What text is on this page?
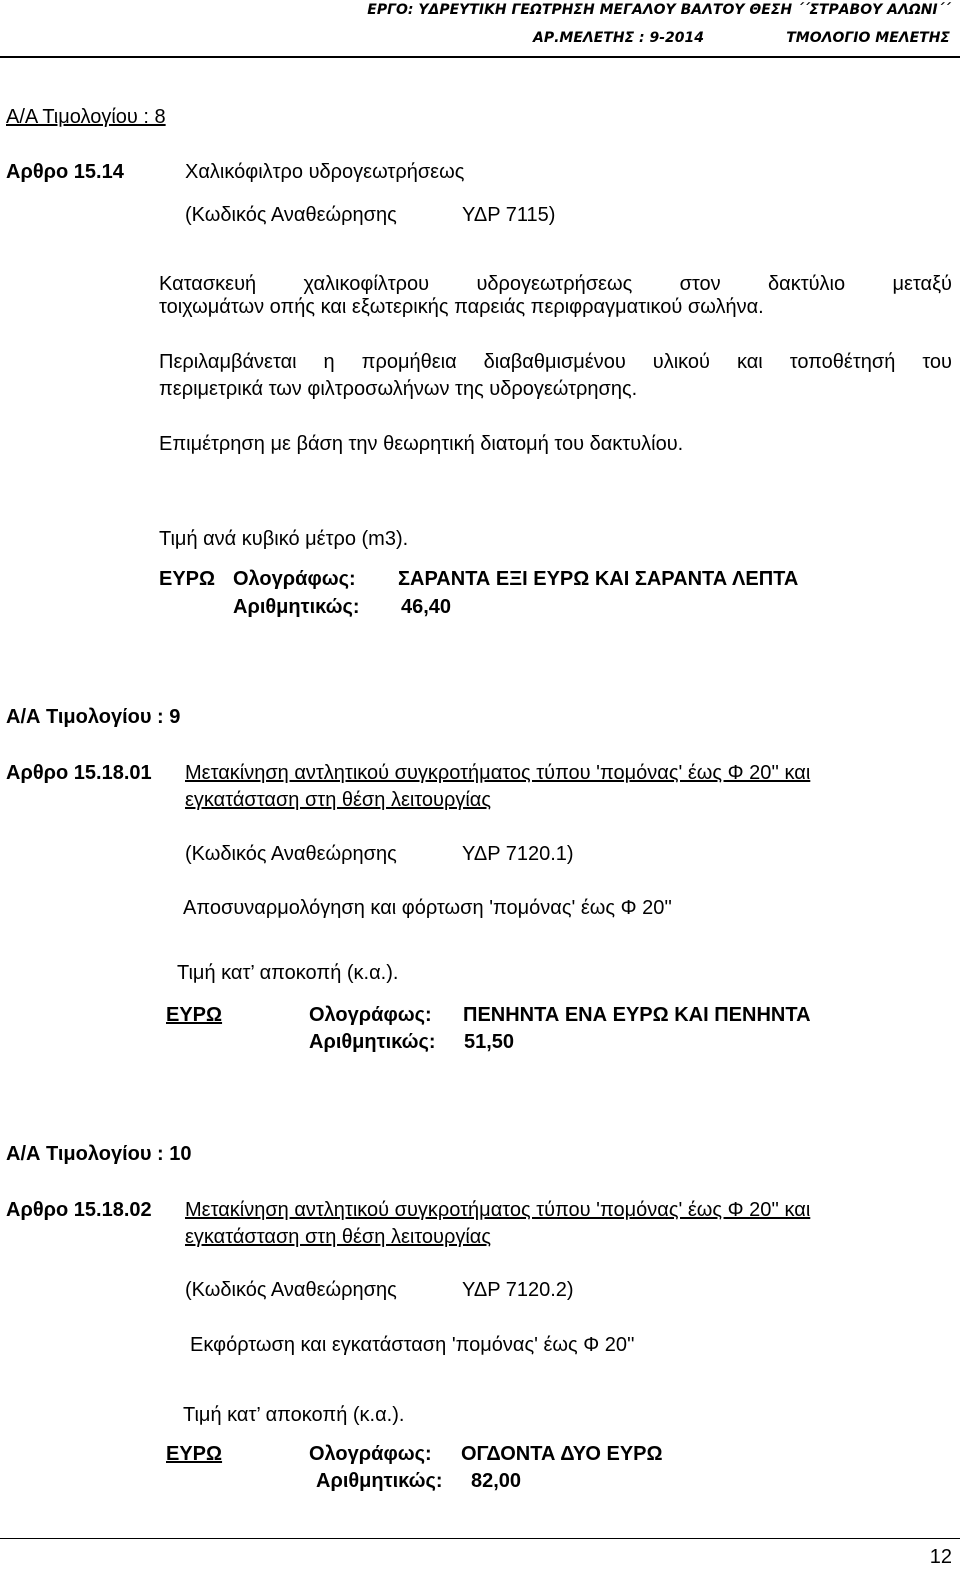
ΕΡΓΟ: ΥΔΡΕΥΤΙΚΗ ΓΕΩΤΡΗΣΗ ΜΕΓΑΛΟΥ ΒΑΛΤΟΥ ΘΕΣΗ ΄΄ΣΤΡΑΒΟΥ ΑΛΩΝΙ΄΄
ΑΡ.ΜΕΛΕΤΗΣ : 9-2014	ΤΜΟΛΟΓΙΟ ΜΕΛΕΤΗΣ
Α/Α Τιμολογίου : 8
Αρθρο 15.14	Χαλικόφιλτρο υδρογεωτρήσεως
(Κωδικός Αναθεώρησης	ΥΔΡ 7115)
Κατασκευή χαλικοφίλτρου υδρογεωτρήσεως στον δακτύλιο μεταξύ
τοιχωμάτων οπής και εξωτερικής παρειάς περιφραγματικού σωλήνα.
Περιλαμβάνεται η προμήθεια διαβαθμισμένου υλικού και τοποθέτησή του
περιμετρικά των φιλτροσωλήνων της υδρογεώτρησης.
Επιμέτρηση με βάση την θεωρητική διατομή του δακτυλίου.
Τιμή ανά κυβικό μέτρο (m3).
ΕΥΡΩ Ολογράφως: ΣΑΡΑΝΤΑ ΕΞΙ ΕΥΡΩ ΚΑΙ ΣΑΡΑΝΤΑ ΛΕΠΤΑ
Αριθμητικώς: 46,40
Α/Α Τιμολογίου : 9
Αρθρο 15.18.01 Μετακίνηση αντλητικού συγκροτήματος τύπου 'πομόνας' έως Φ 20'' και
εγκατάσταση στη θέση λειτουργίας
(Κωδικός Αναθεώρησης	ΥΔΡ 7120.1)
Αποσυναρμολόγηση και φόρτωση 'πομόνας' έως Φ 20''
Τιμή κατ’ αποκοπή (κ.α.).
ΕΥΡΩ	Ολογράφως: ΠΕΝΗΝΤΑ ΕΝΑ ΕΥΡΩ ΚΑΙ ΠΕΝΗΝΤΑ
Αριθμητικώς: 51,50
Α/Α Τιμολογίου : 10
Αρθρο 15.18.02 Μετακίνηση αντλητικού συγκροτήματος τύπου 'πομόνας' έως Φ 20'' και
εγκατάσταση στη θέση λειτουργίας
(Κωδικός Αναθεώρησης	ΥΔΡ 7120.2)
Εκφόρτωση και εγκατάσταση 'πομόνας' έως Φ 20''
Τιμή κατ’ αποκοπή (κ.α.).
ΕΥΡΩ	Ολογράφως: ΟΓΔΟΝΤΑ ΔΥΟ ΕΥΡΩ
Αριθμητικώς: 82,00
12
